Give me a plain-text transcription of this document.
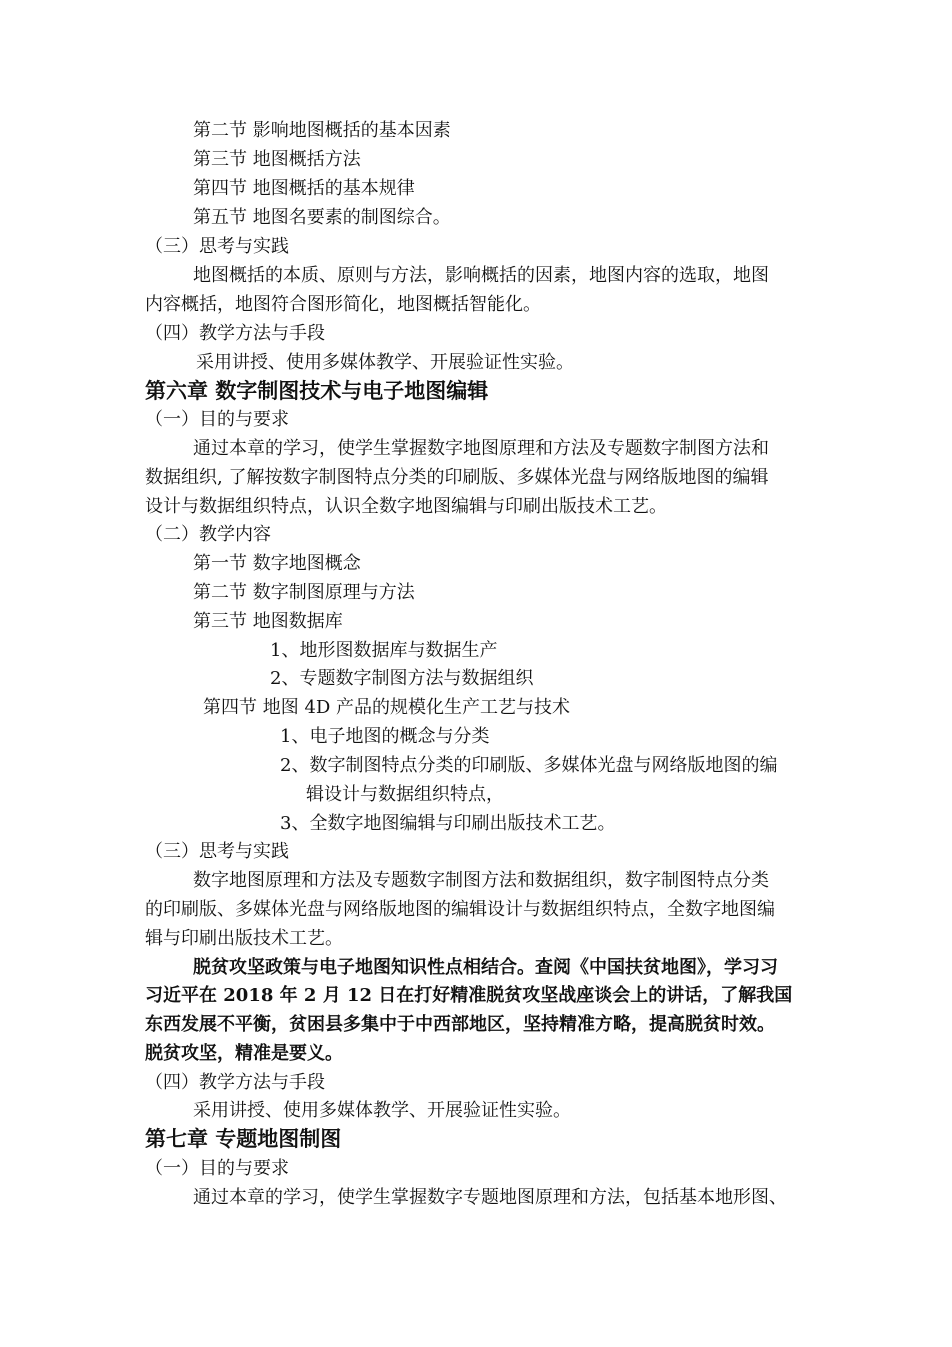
第二节 影响地图概括的基本因素
第三节 地图概括方法
第四节 地图概括的基本规律
第五节 地图名要素的制图综合。
（三）思考与实践
地图概括的本质、原则与方法，影响概括的因素，地图内容的选取，地图
内容概括，地图符合图形简化，地图概括智能化。
（四）教学方法与手段
采用讲授、使用多媒体教学、开展验证性实验。
第六章 数字制图技术与电子地图编辑
（一）目的与要求
通过本章的学习，使学生掌握数字地图原理和方法及专题数字制图方法和
数据组织, 了解按数字制图特点分类的印刷版、多媒体光盘与网络版地图的编辑
设计与数据组织特点，认识全数字地图编辑与印刷出版技术工艺。
（二）教学内容
第一节 数字地图概念
第二节 数字制图原理与方法
第三节 地图数据库
1、地形图数据库与数据生产
2、专题数字制图方法与数据组织
第四节 地图 4D 产品的规模化生产工艺与技术
1、电子地图的概念与分类
2、数字制图特点分类的印刷版、多媒体光盘与网络版地图的编
辑设计与数据组织特点，
3、全数字地图编辑与印刷出版技术工艺。
（三）思考与实践
数字地图原理和方法及专题数字制图方法和数据组织，数字制图特点分类
的印刷版、多媒体光盘与网络版地图的编辑设计与数据组织特点，全数字地图编
辑与印刷出版技术工艺。
脱贫攻坚政策与电子地图知识性点相结合。查阅《中国扶贫地图》，学习习
习近平在 2018 年 2 月 12 日在打好精准脱贫攻坚战座谈会上的讲话，了解我国
东西发展不平衡，贫困县多集中于中西部地区，坚持精准方略，提高脱贫时效。
脱贫攻坚，精准是要义。
（四）教学方法与手段
采用讲授、使用多媒体教学、开展验证性实验。
第七章 专题地图制图
（一）目的与要求
通过本章的学习，使学生掌握数字专题地图原理和方法，包括基本地形图、
